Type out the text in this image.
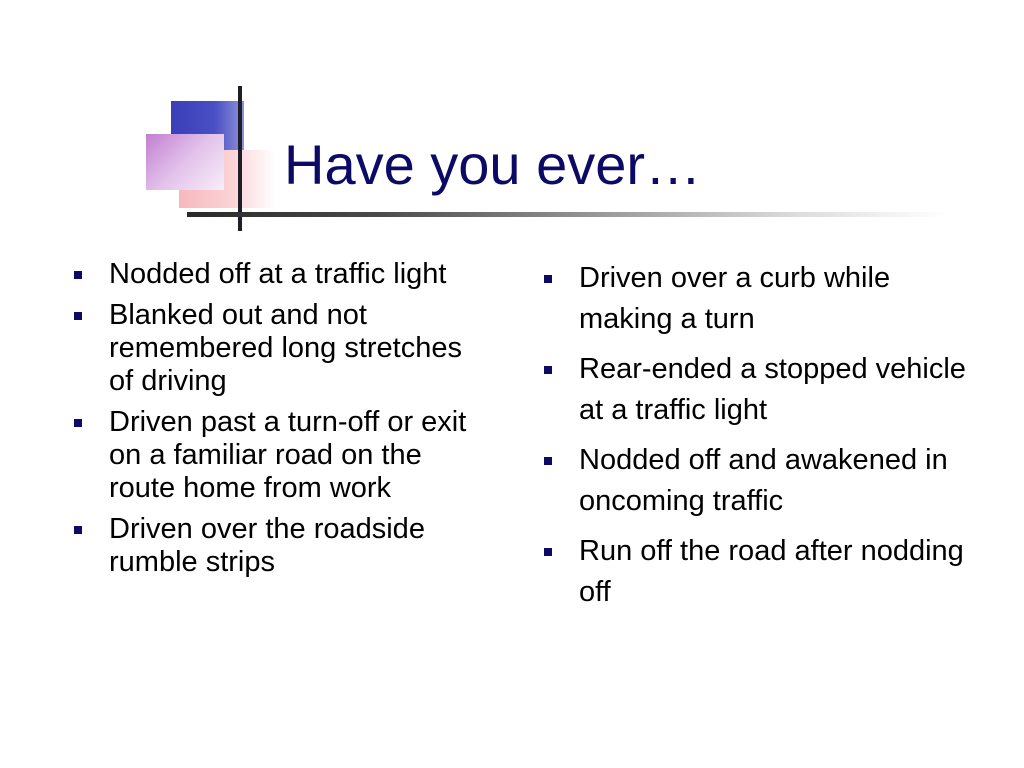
Have you ever…
Nodded off at a traffic light
Blanked out and not remembered long stretches of driving
Driven past a turn-off or exit on a familiar road on the route home from work
Driven over the roadside rumble strips
Driven over a curb while making a turn
Rear-ended a stopped vehicle at a traffic light
Nodded off and awakened in oncoming traffic
Run off the road after nodding off
